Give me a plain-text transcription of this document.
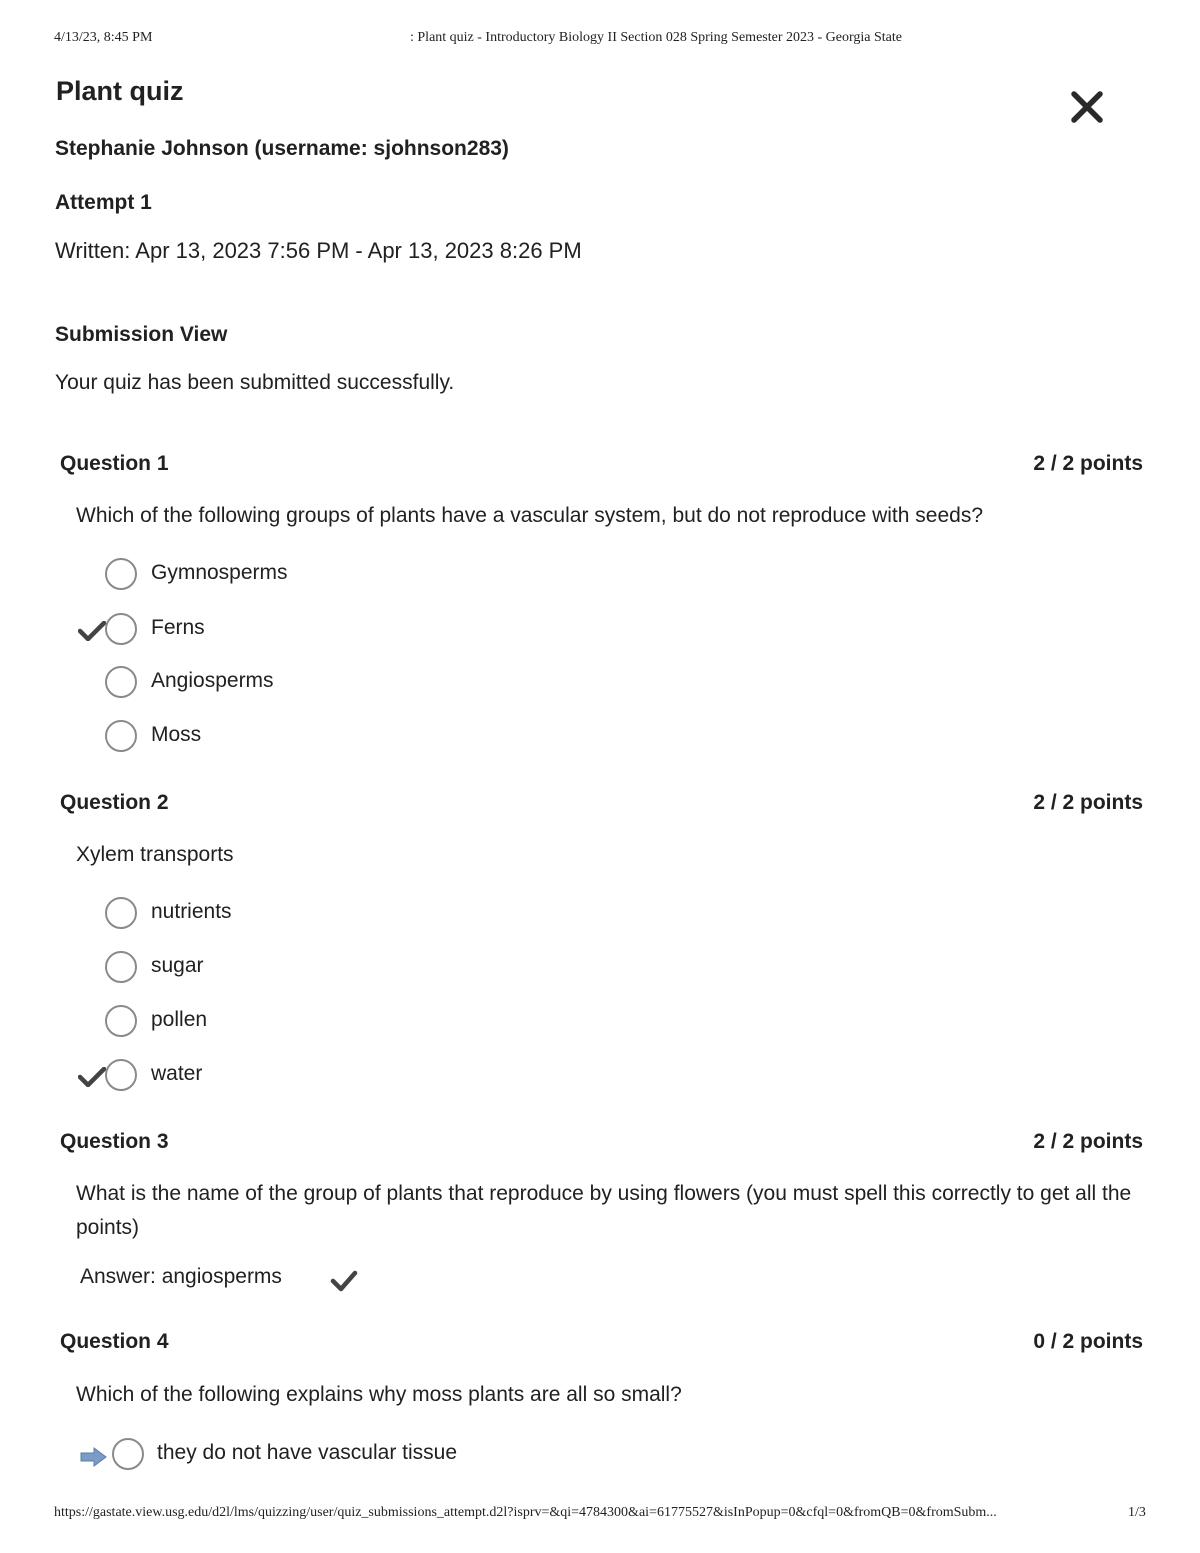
4/13/23, 8:45 PM	: Plant quiz - Introductory Biology II Section 028 Spring Semester 2023 - Georgia State
Plant quiz
Stephanie Johnson (username: sjohnson283)
Attempt 1
Written: Apr 13, 2023 7:56 PM - Apr 13, 2023 8:26 PM
Submission View
Your quiz has been submitted successfully.
Question 1	2 / 2 points
Which of the following groups of plants have a vascular system, but do not reproduce with seeds?
Gymnosperms
Ferns
Angiosperms
Moss
Question 2	2 / 2 points
Xylem transports
nutrients
sugar
pollen
water
Question 3	2 / 2 points
What is the name of the group of plants that reproduce by using flowers (you must spell this correctly to get all the points)
Answer: angiosperms
Question 4	0 / 2 points
Which of the following explains why moss plants are all so small?
they do not have vascular tissue
https://gastate.view.usg.edu/d2l/lms/quizzing/user/quiz_submissions_attempt.d2l?isprv=&qi=4784300&ai=61775527&isInPopup=0&cfql=0&fromQB=0&fromSubm...	1/3
